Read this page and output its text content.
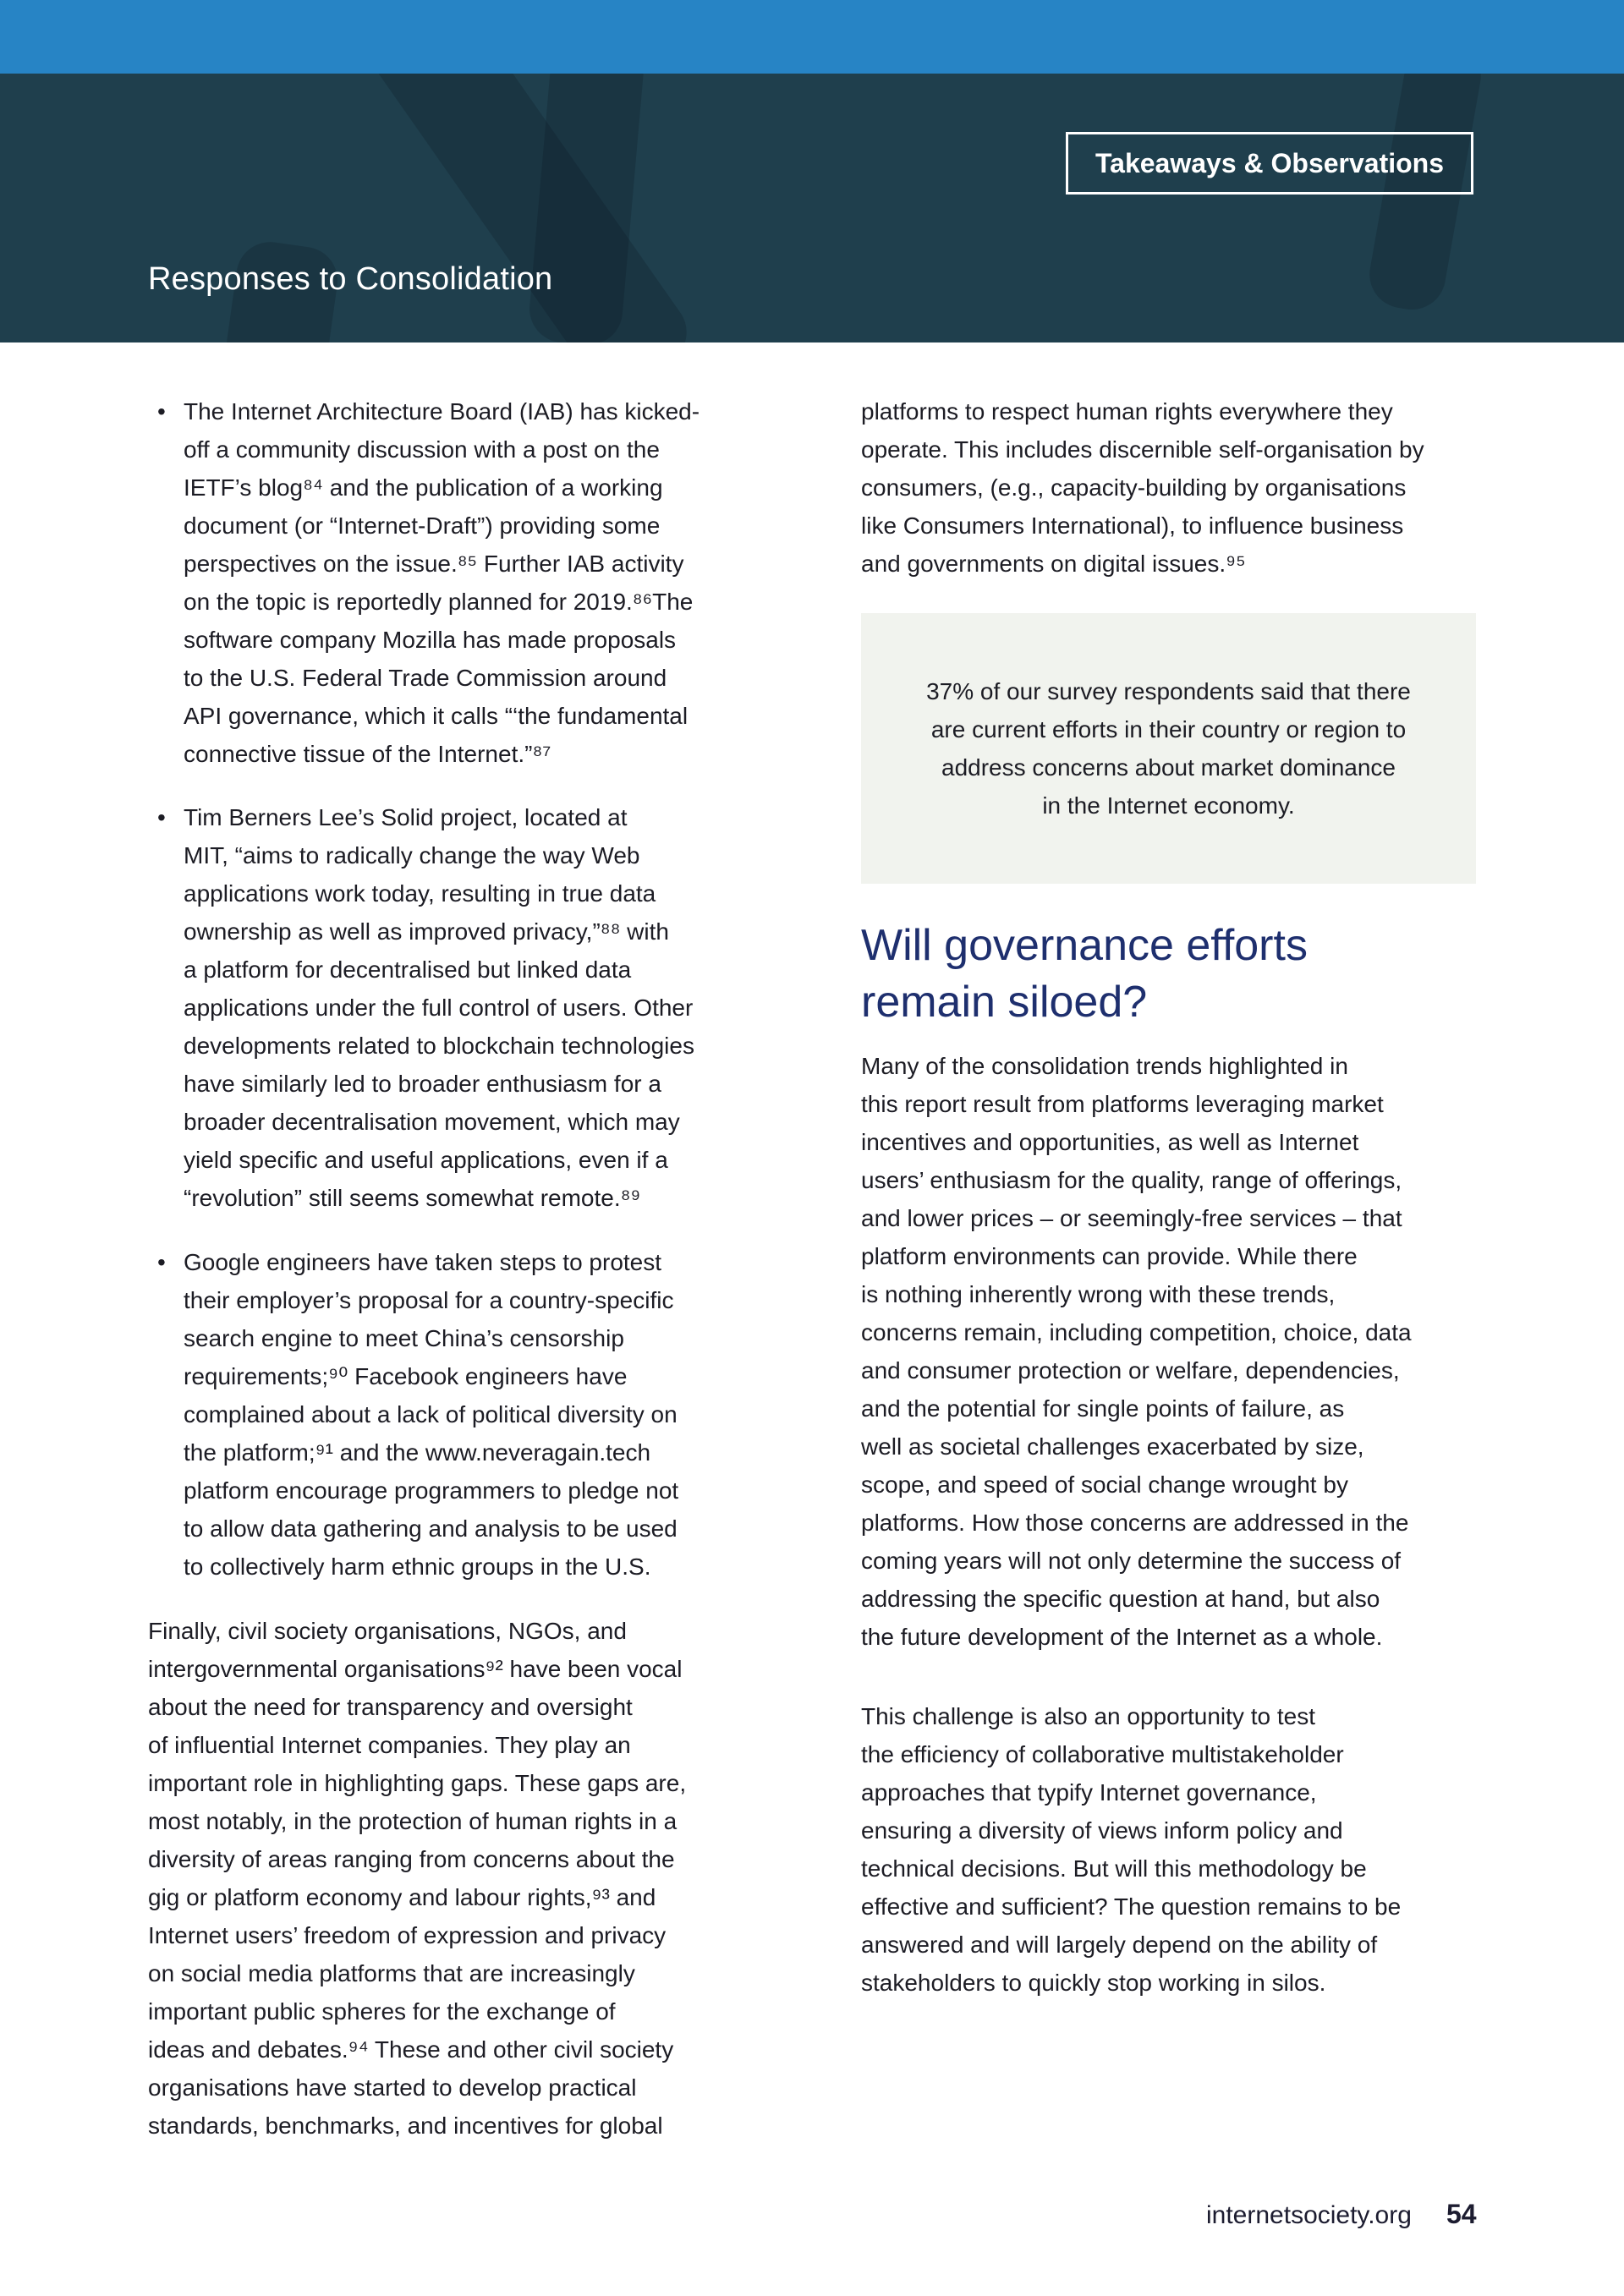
Responses to Consolidation
Takeaways & Observations
• The Internet Architecture Board (IAB) has kicked-
off a community discussion with a post on the
IETF’s blog⁸⁴ and the publication of a working
document (or “Internet-Draft”) providing some
perspectives on the issue.⁸⁵ Further IAB activity
on the topic is reportedly planned for 2019.⁸⁶The
software company Mozilla has made proposals
to the U.S. Federal Trade Commission around
API governance, which it calls “‘the fundamental
connective tissue of the Internet.”⁸⁷
• Tim Berners Lee’s Solid project, located at
MIT, “aims to radically change the way Web
applications work today, resulting in true data
ownership as well as improved privacy,”⁸⁸ with
a platform for decentralised but linked data
applications under the full control of users. Other
developments related to blockchain technologies
have similarly led to broader enthusiasm for a
broader decentralisation movement, which may
yield specific and useful applications, even if a
“revolution” still seems somewhat remote.⁸⁹
• Google engineers have taken steps to protest
their employer’s proposal for a country-specific
search engine to meet China’s censorship
requirements;⁹⁰ Facebook engineers have
complained about a lack of political diversity on
the platform;⁹¹ and the www.neveragain.tech
platform encourage programmers to pledge not
to allow data gathering and analysis to be used
to collectively harm ethnic groups in the U.S.
Finally, civil society organisations, NGOs, and
intergovernmental organisations⁹² have been vocal
about the need for transparency and oversight
of influential Internet companies. They play an
important role in highlighting gaps. These gaps are,
most notably, in the protection of human rights in a
diversity of areas ranging from concerns about the
gig or platform economy and labour rights,⁹³ and
Internet users’ freedom of expression and privacy
on social media platforms that are increasingly
important public spheres for the exchange of
ideas and debates.⁹⁴ These and other civil society
organisations have started to develop practical
standards, benchmarks, and incentives for global
platforms to respect human rights everywhere they
operate. This includes discernible self-organisation by
consumers, (e.g., capacity-building by organisations
like Consumers International), to influence business
and governments on digital issues.⁹⁵
37% of our survey respondents said that there
are current efforts in their country or region to
address concerns about market dominance
in the Internet economy.
Will governance efforts
remain siloed?
Many of the consolidation trends highlighted in
this report result from platforms leveraging market
incentives and opportunities, as well as Internet
users’ enthusiasm for the quality, range of offerings,
and lower prices – or seemingly-free services – that
platform environments can provide. While there
is nothing inherently wrong with these trends,
concerns remain, including competition, choice, data
and consumer protection or welfare, dependencies,
and the potential for single points of failure, as
well as societal challenges exacerbated by size,
scope, and speed of social change wrought by
platforms. How those concerns are addressed in the
coming years will not only determine the success of
addressing the specific question at hand, but also
the future development of the Internet as a whole.
This challenge is also an opportunity to test
the efficiency of collaborative multistakeholder
approaches that typify Internet governance,
ensuring a diversity of views inform policy and
technical decisions. But will this methodology be
effective and sufficient? The question remains to be
answered and will largely depend on the ability of
stakeholders to quickly stop working in silos.
internetsociety.org 54
